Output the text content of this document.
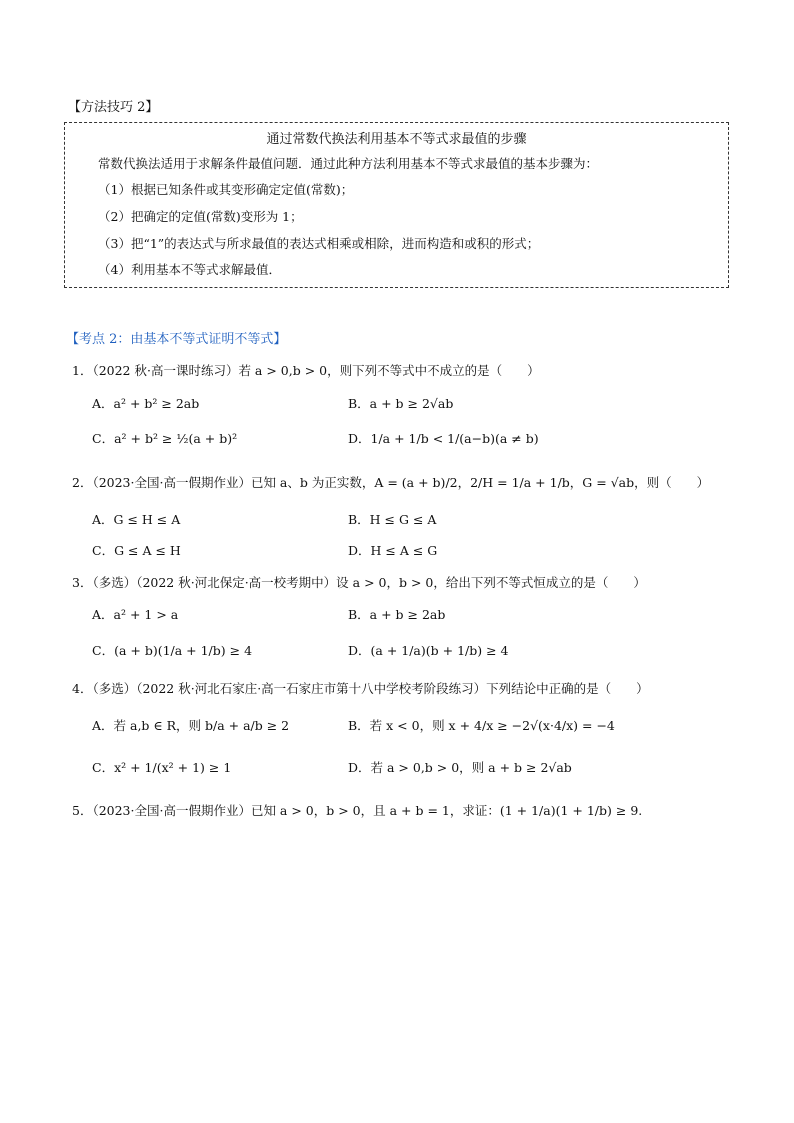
【方法技巧 2】
通过常数代换法利用基本不等式求最值的步骤
常数代换法适用于求解条件最值问题．通过此种方法利用基本不等式求最值的基本步骤为：
（1）根据已知条件或其变形确定定值(常数)；
（2）把确定的定值(常数)变形为 1；
（3）把“1”的表达式与所求最值的表达式相乘或相除，进而构造和或积的形式；
（4）利用基本不等式求解最值．
【考点 2：由基本不等式证明不等式】
1．（2022 秋·高一课时练习）若 a > 0,b > 0，则下列不等式中不成立的是（　　）
A．a² + b² ≥ 2ab	B．a + b ≥ 2√ab
C．a² + b² ≥ ½(a + b)²	D．1/a + 1/b < 1/(a−b)(a ≠ b)
2．（2023·全国·高一假期作业）已知 a、b 为正实数，A = (a + b)/2，2/H = 1/a + 1/b，G = √ab，则（　　）
A．G ≤ H ≤ A	B．H ≤ G ≤ A
C．G ≤ A ≤ H	D．H ≤ A ≤ G
3．（多选）（2022 秋·河北保定·高一校考期中）设 a > 0，b > 0，给出下列不等式恒成立的是（　　）
A．a² + 1 > a	B．a + b ≥ 2ab
C．(a + b)(1/a + 1/b) ≥ 4	D．(a + 1/a)(b + 1/b) ≥ 4
4．（多选）（2022 秋·河北石家庄·高一石家庄市第十八中学校考阶段练习）下列结论中正确的是（　　）
A．若 a,b ∈ R，则 b/a + a/b ≥ 2	B．若 x < 0，则 x + 4/x ≥ −2√(x·4/x) = −4
C．x² + 1/(x² + 1) ≥ 1	D．若 a > 0,b > 0，则 a + b ≥ 2√ab
5．（2023·全国·高一假期作业）已知 a > 0，b > 0，且 a + b = 1，求证：(1 + 1/a)(1 + 1/b) ≥ 9.
